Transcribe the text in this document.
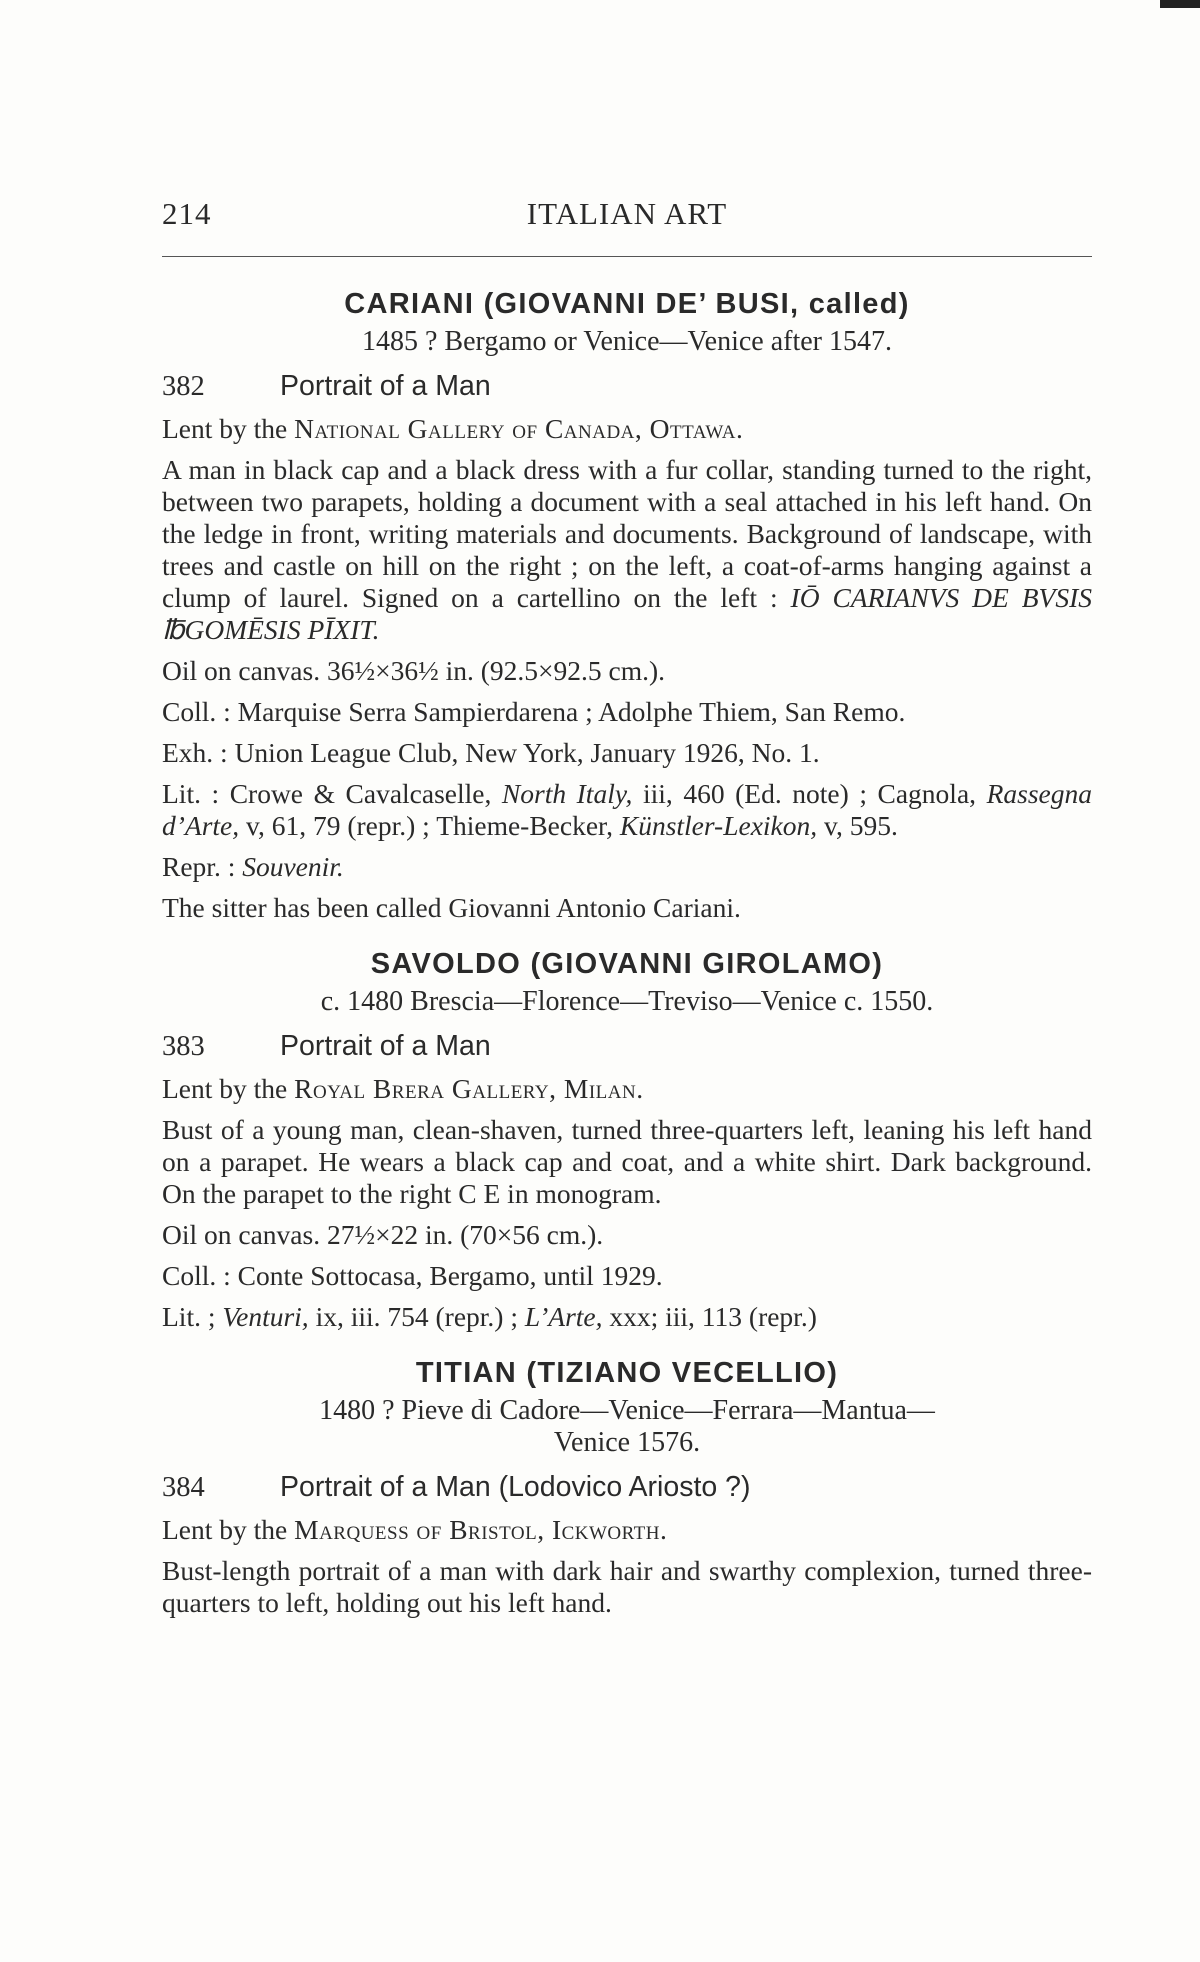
214	ITALIAN ART
CARIANI (GIOVANNI DE’ BUSI, called)
1485 ? Bergamo or Venice—Venice after 1547.
382	Portrait of a Man

Lent by the National Gallery of Canada, Ottawa.

A man in black cap and a black dress with a fur collar, standing turned to the right, between two parapets, holding a document with a seal attached in his left hand. On the ledge in front, writing materials and documents. Background of landscape, with trees and castle on hill on the right ; on the left, a coat-of-arms hanging against a clump of laurel. Signed on a cartellino on the left : IŌ CARIANVS DE BVSIS ℔GOMĒSIS PĪXIT.

Oil on canvas. 36½×36½ in. (92.5×92.5 cm.).

Coll. : Marquise Serra Sampierdarena ; Adolphe Thiem, San Remo.

Exh. : Union League Club, New York, January 1926, No. 1.

Lit. : Crowe & Cavalcaselle, North Italy, iii, 460 (Ed. note) ; Cagnola, Rassegna d’Arte, v, 61, 79 (repr.) ; Thieme-Becker, Künstler-Lexikon, v, 595.

Repr. : Souvenir.

The sitter has been called Giovanni Antonio Cariani.

SAVOLDO (GIOVANNI GIROLAMO)
c. 1480 Brescia—Florence—Treviso—Venice c. 1550.
383	Portrait of a Man

Lent by the Royal Brera Gallery, Milan.

Bust of a young man, clean-shaven, turned three-quarters left, leaning his left hand on a parapet. He wears a black cap and coat, and a white shirt. Dark background. On the parapet to the right C E in monogram.

Oil on canvas. 27½×22 in. (70×56 cm.).

Coll. : Conte Sottocasa, Bergamo, until 1929.

Lit. ; Venturi, ix, iii. 754 (repr.) ; L’Arte, xxx; iii, 113 (repr.)

TITIAN (TIZIANO VECELLIO)
1480 ? Pieve di Cadore—Venice—Ferrara—Mantua—Venice 1576.
384	Portrait of a Man (Lodovico Ariosto ?)

Lent by the Marquess of Bristol, Ickworth.

Bust-length portrait of a man with dark hair and swarthy complexion, turned three-quarters to left, holding out his left hand.
